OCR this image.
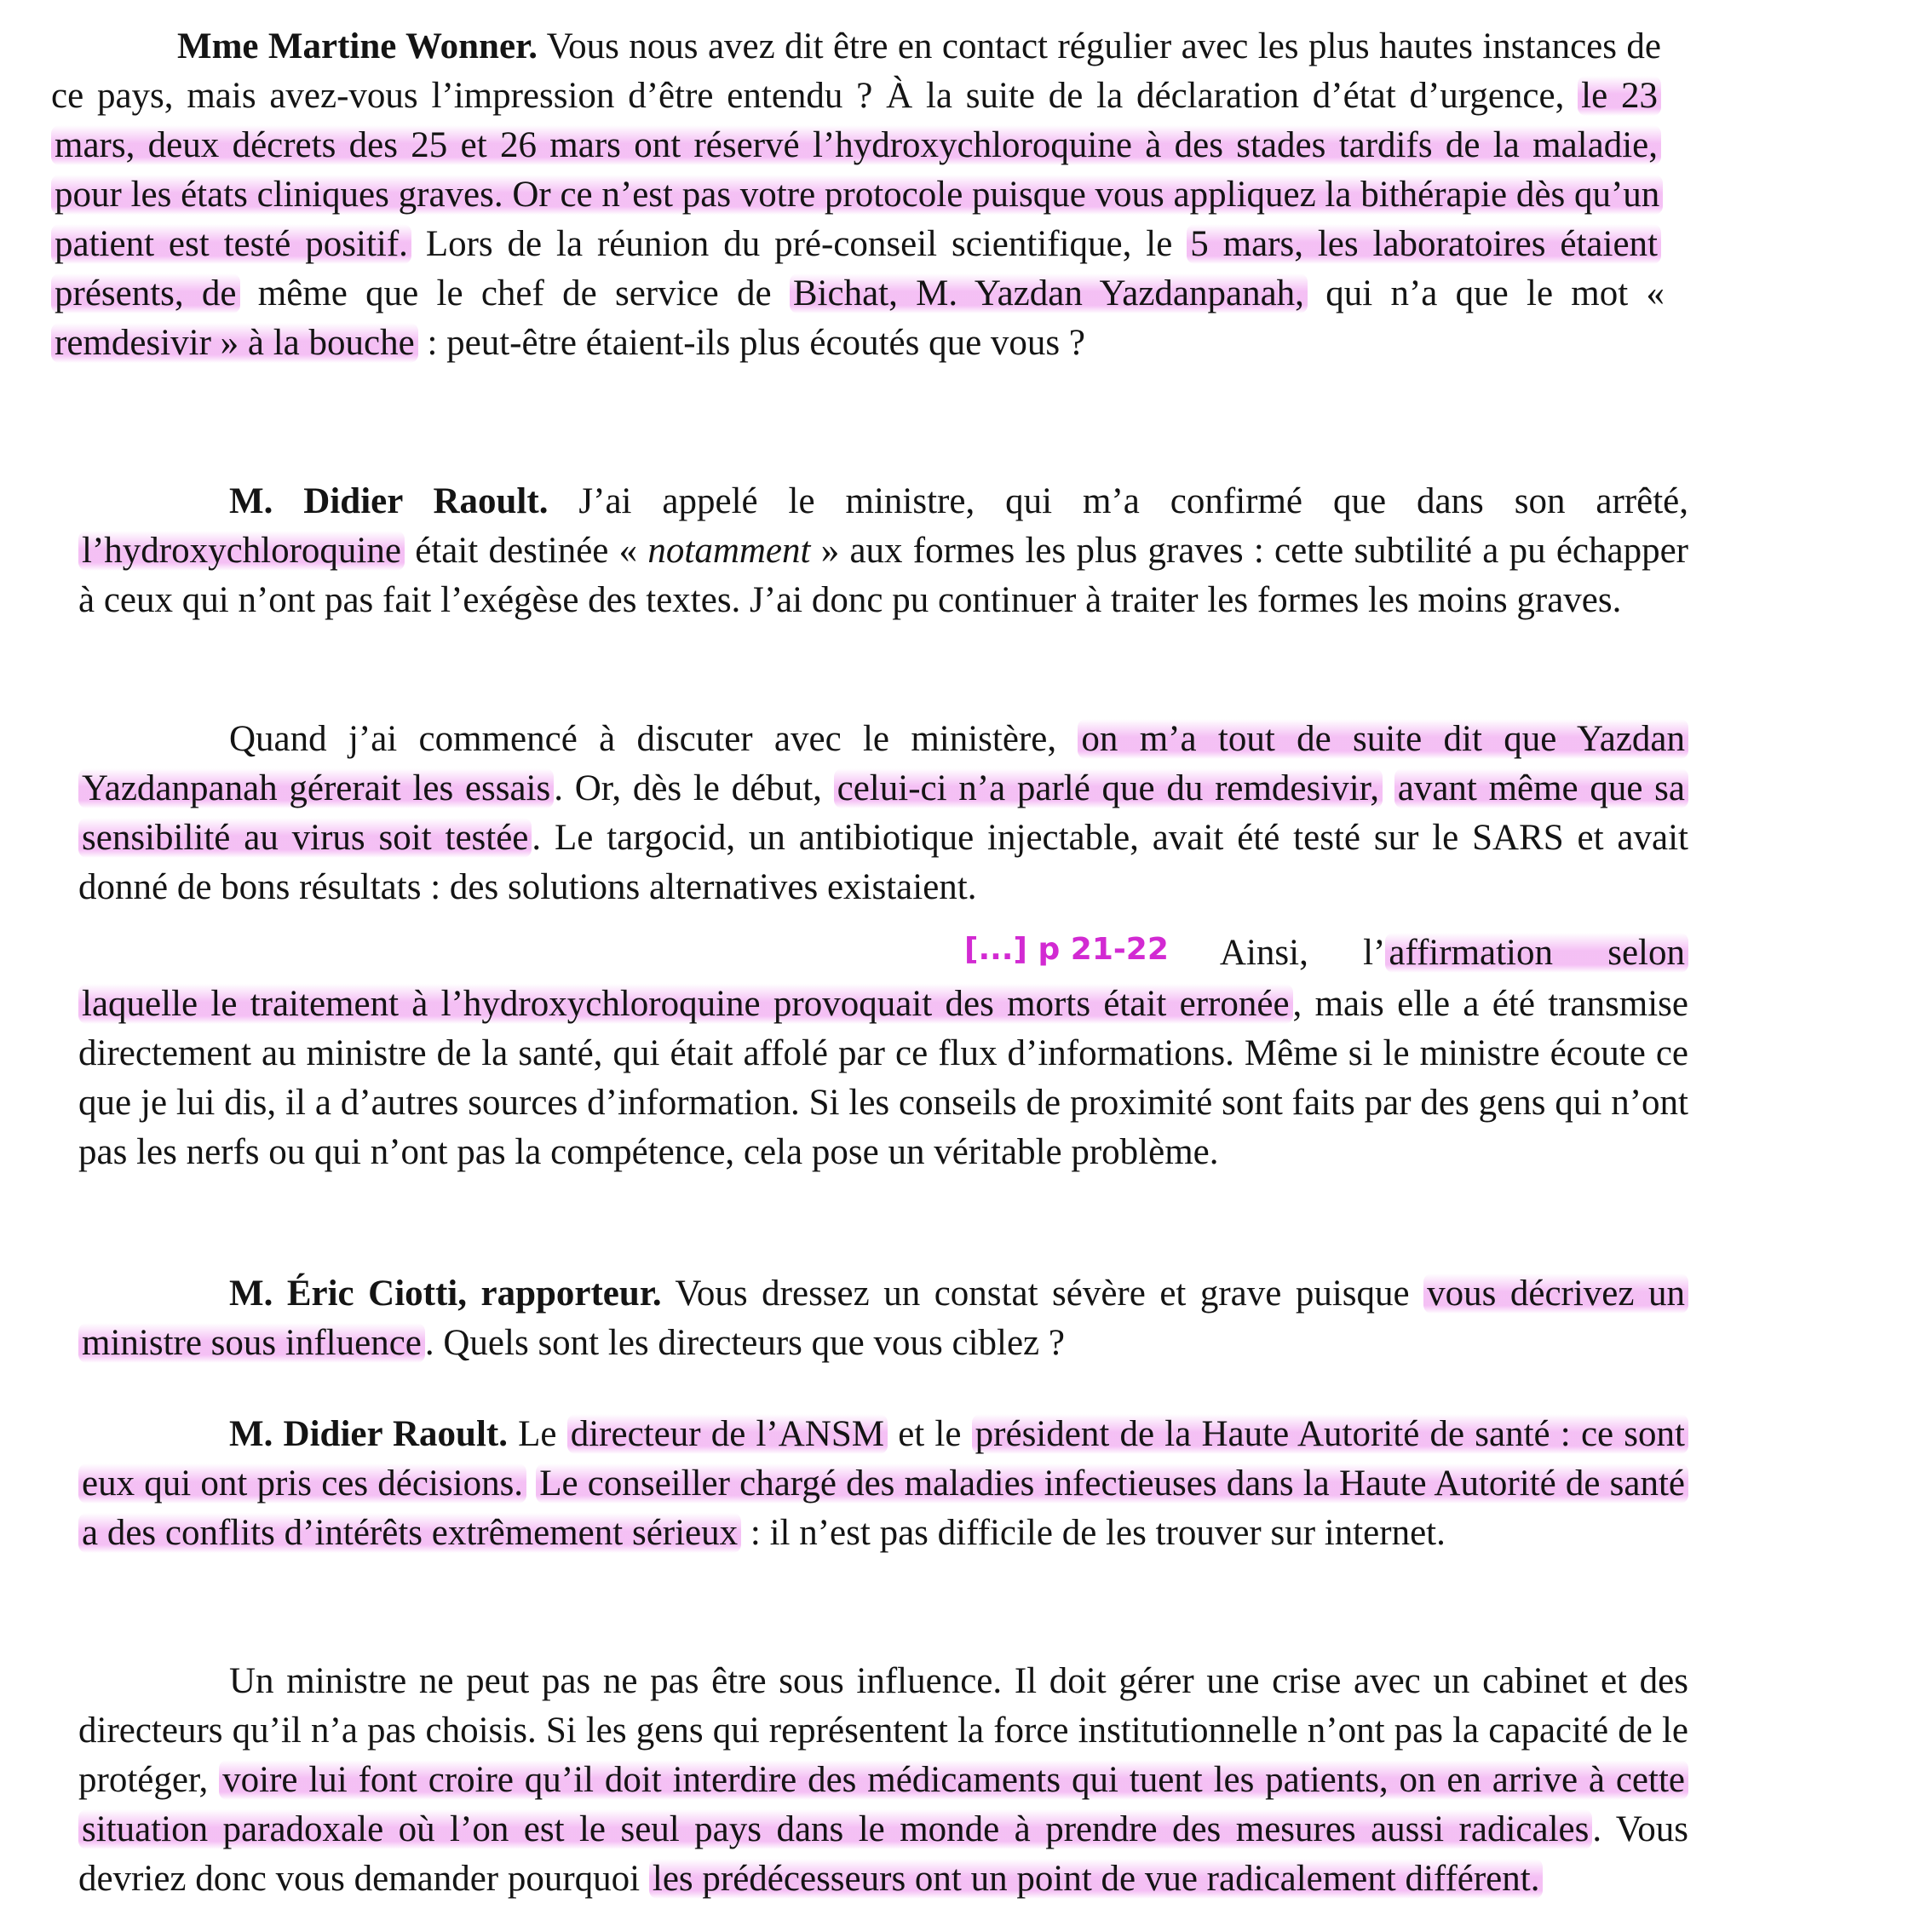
Mme Martine Wonner. Vous nous avez dit être en contact régulier avec les plus hautes instances de ce pays, mais avez-vous l’impression d’être entendu ? À la suite de la déclaration d’état d’urgence, le 23 mars, deux décrets des 25 et 26 mars ont réservé l’hydroxychloroquine à des stades tardifs de la maladie, pour les états cliniques graves. Or ce n’est pas votre protocole puisque vous appliquez la bithérapie dès qu’un patient est testé positif. Lors de la réunion du pré-conseil scientifique, le 5 mars, les laboratoires étaient présents, de même que le chef de service de Bichat, M. Yazdan Yazdanpanah, qui n’a que le mot « remdesivir » à la bouche : peut-être étaient-ils plus écoutés que vous ?

M. Didier Raoult. J’ai appelé le ministre, qui m’a confirmé que dans son arrêté, l’hydroxychloroquine était destinée « notamment » aux formes les plus graves : cette subtilité a pu échapper à ceux qui n’ont pas fait l’exégèse des textes. J’ai donc pu continuer à traiter les formes les moins graves.

Quand j’ai commencé à discuter avec le ministère, on m’a tout de suite dit que Yazdan Yazdanpanah gérerait les essais. Or, dès le début, celui-ci n’a parlé que du remdesivir, avant même que sa sensibilité au virus soit testée. Le targocid, un antibiotique injectable, avait été testé sur le SARS et avait donné de bons résultats : des solutions alternatives existaient.

[...] p 21-22 Ainsi, l’affirmation selon laquelle le traitement à l’hydroxychloroquine provoquait des morts était erronée, mais elle a été transmise directement au ministre de la santé, qui était affolé par ce flux d’informations. Même si le ministre écoute ce que je lui dis, il a d’autres sources d’information. Si les conseils de proximité sont faits par des gens qui n’ont pas les nerfs ou qui n’ont pas la compétence, cela pose un véritable problème.

M. Éric Ciotti, rapporteur. Vous dressez un constat sévère et grave puisque vous décrivez un ministre sous influence. Quels sont les directeurs que vous ciblez ?

M. Didier Raoult. Le directeur de l’ANSM et le président de la Haute Autorité de santé : ce sont eux qui ont pris ces décisions. Le conseiller chargé des maladies infectieuses dans la Haute Autorité de santé a des conflits d’intérêts extrêmement sérieux : il n’est pas difficile de les trouver sur internet.

Un ministre ne peut pas ne pas être sous influence. Il doit gérer une crise avec un cabinet et des directeurs qu’il n’a pas choisis. Si les gens qui représentent la force institutionnelle n’ont pas la capacité de le protéger, voire lui font croire qu’il doit interdire des médicaments qui tuent les patients, on en arrive à cette situation paradoxale où l’on est le seul pays dans le monde à prendre des mesures aussi radicales. Vous devriez donc vous demander pourquoi les prédécesseurs ont un point de vue radicalement différent.
